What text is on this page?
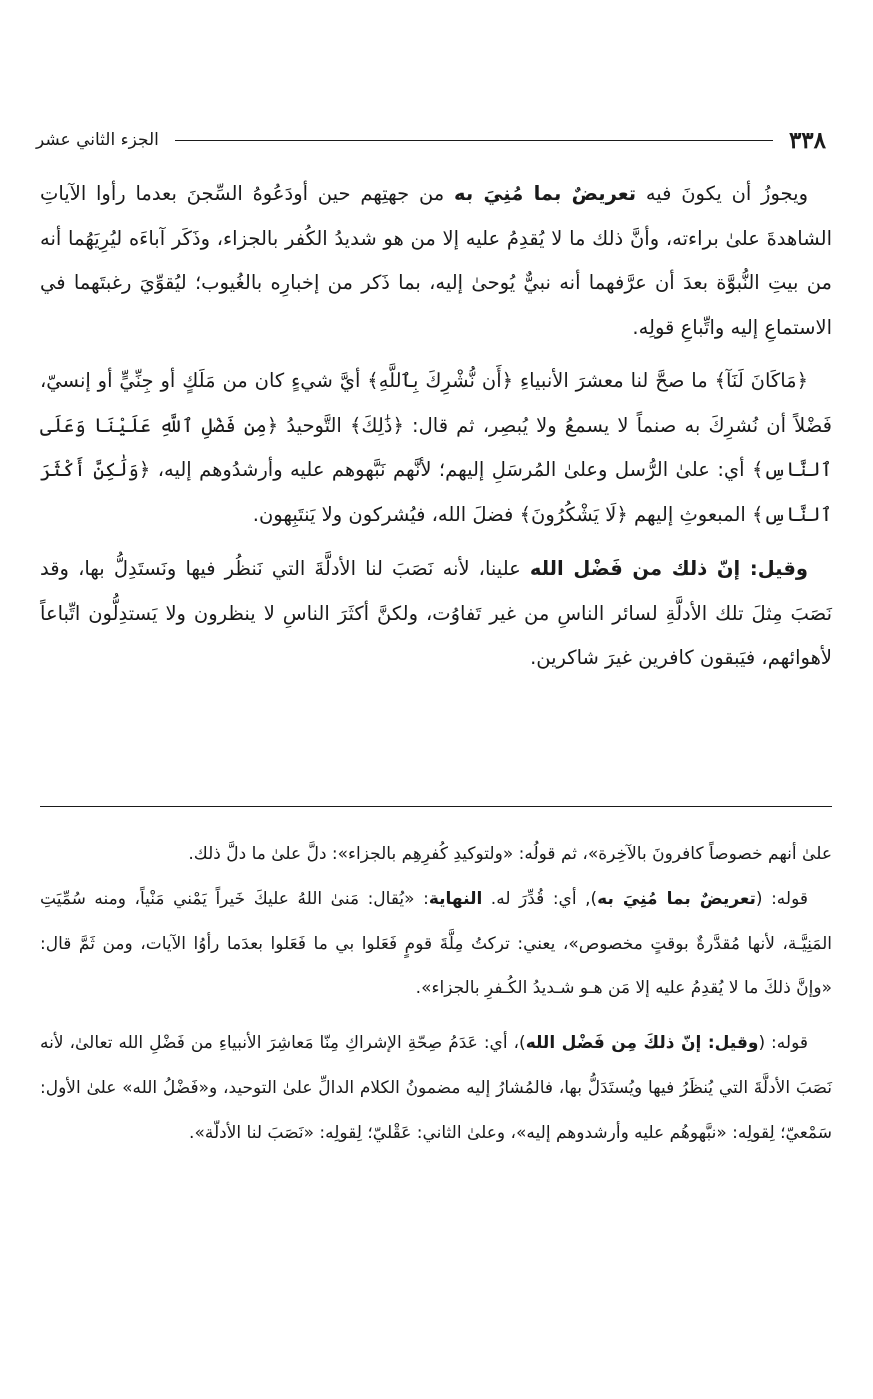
٣٣٨
الجزء الثاني عشر

ويجوزُ أن يكونَ فيه تعريضٌ بما مُنِيَ به من جهتِهم حين أودَعُوهُ السِّجنَ بعدما رأوا الآياتِ الشاهدةَ علىٰ براءته، وأنَّ ذلك ما لا يُقدِمُ عليه إلا من هو شديدُ الكُفر بالجزاء، وذَكَر آباءَه ليُرِيَهُما أنه من بيتِ النُّبوَّة بعدَ أن عرَّفهما أنه نبيٌّ يُوحىٰ إليه، بما ذَكر من إخبارِه بالغُيوب؛ ليُقوِّيَ رغبتَهما في الاستماعِ إليه واتِّباعِ قولِه.

﴿مَاكَانَ لَنَآ﴾ ما صحَّ لنا معشرَ الأنبياءِ ﴿أَن نُّشْرِكَ بِٱللَّهِ﴾ أيَّ شيءٍ كان من مَلَكٍ أو جِنِّيٍّ أو إنسيّ، فَضْلاً أن نُشرِكَ به صنماً لا يسمعُ ولا يُبصِر، ثم قال: ﴿ذَٰلِكَ﴾ التَّوحيدُ ﴿مِن فَضْلِ ٱللَّهِ عَلَيْنَا وَعَلَى ٱلنَّاسِ﴾ أي: علىٰ الرُّسل وعلىٰ المُرسَلِ إليهم؛ لأنَّهم نَبَّهوهم عليه وأرشدُوهم إليه، ﴿وَلَٰكِنَّ أَكْثَرَ ٱلنَّاسِ﴾ المبعوثِ إليهم ﴿لَا يَشْكُرُونَ﴾ فضلَ الله، فيُشركون ولا يَنتَبِهون.

وقيل: إنّ ذلك من فَضْل الله علينا، لأنه نَصَبَ لنا الأدلَّةَ التي نَنظُر فيها ونَستَدِلُّ بها، وقد نَصَبَ مِثلَ تلك الأدلَّةِ لسائر الناسِ من غير تَفاوُت، ولكنَّ أكثَرَ الناسِ لا ينظرون ولا يَستدِلُّون اتِّباعاً لأهوائهم، فيَبقون كافرين غيرَ شاكرين.

علىٰ أنهم خصوصاً كافرونَ بالآخِرة»، ثم قولُه: «ولتوكيدِ كُفرِهِم بالجزاء»: دلَّ علىٰ ما دلَّ ذلك.

قوله: (تعريضٌ بما مُنِيَ به), أي: قُدِّرَ له. النهاية: «يُقال: مَنىٰ اللهُ عليكَ خَيراً يَمْني مَنْياً، ومنه سُمِّيَتِ المَنِيَّـة، لأنها مُقدَّرةٌ بوقتٍ مخصوص»، يعني: تركتُ مِلَّةَ قومٍ فَعَلوا بي ما فَعَلوا بعدَما رأوُا الآيات، ومن ثَمَّ قال: «وإنَّ ذلكَ ما لا يُقدِمُ عليه إلا مَن هـو شـديدُ الكُـفرِ بالجزاء».

قوله: (وقيل: إنّ ذلكَ مِن فَضْل الله)، أي: عَدَمُ صِحّةِ الإشراكِ مِنّا مَعاشِرَ الأنبياءِ من فَضْلِ الله تعالىٰ، لأنه نَصَبَ الأدلَّةَ التي يُنظَرُ فيها ويُستَدَلُّ بها، فالمُشارُ إليه مضمونُ الكلام الدالِّ علىٰ التوحيد، و«فَضْلُ الله» علىٰ الأول: سَمْعيّ؛ لِقولِه: «نبَّهوهُم عليه وأرشدوهم إليه»، وعلىٰ الثاني: عَقْليّ؛ لِقولِه: «نَصَبَ لنا الأدلّة».
